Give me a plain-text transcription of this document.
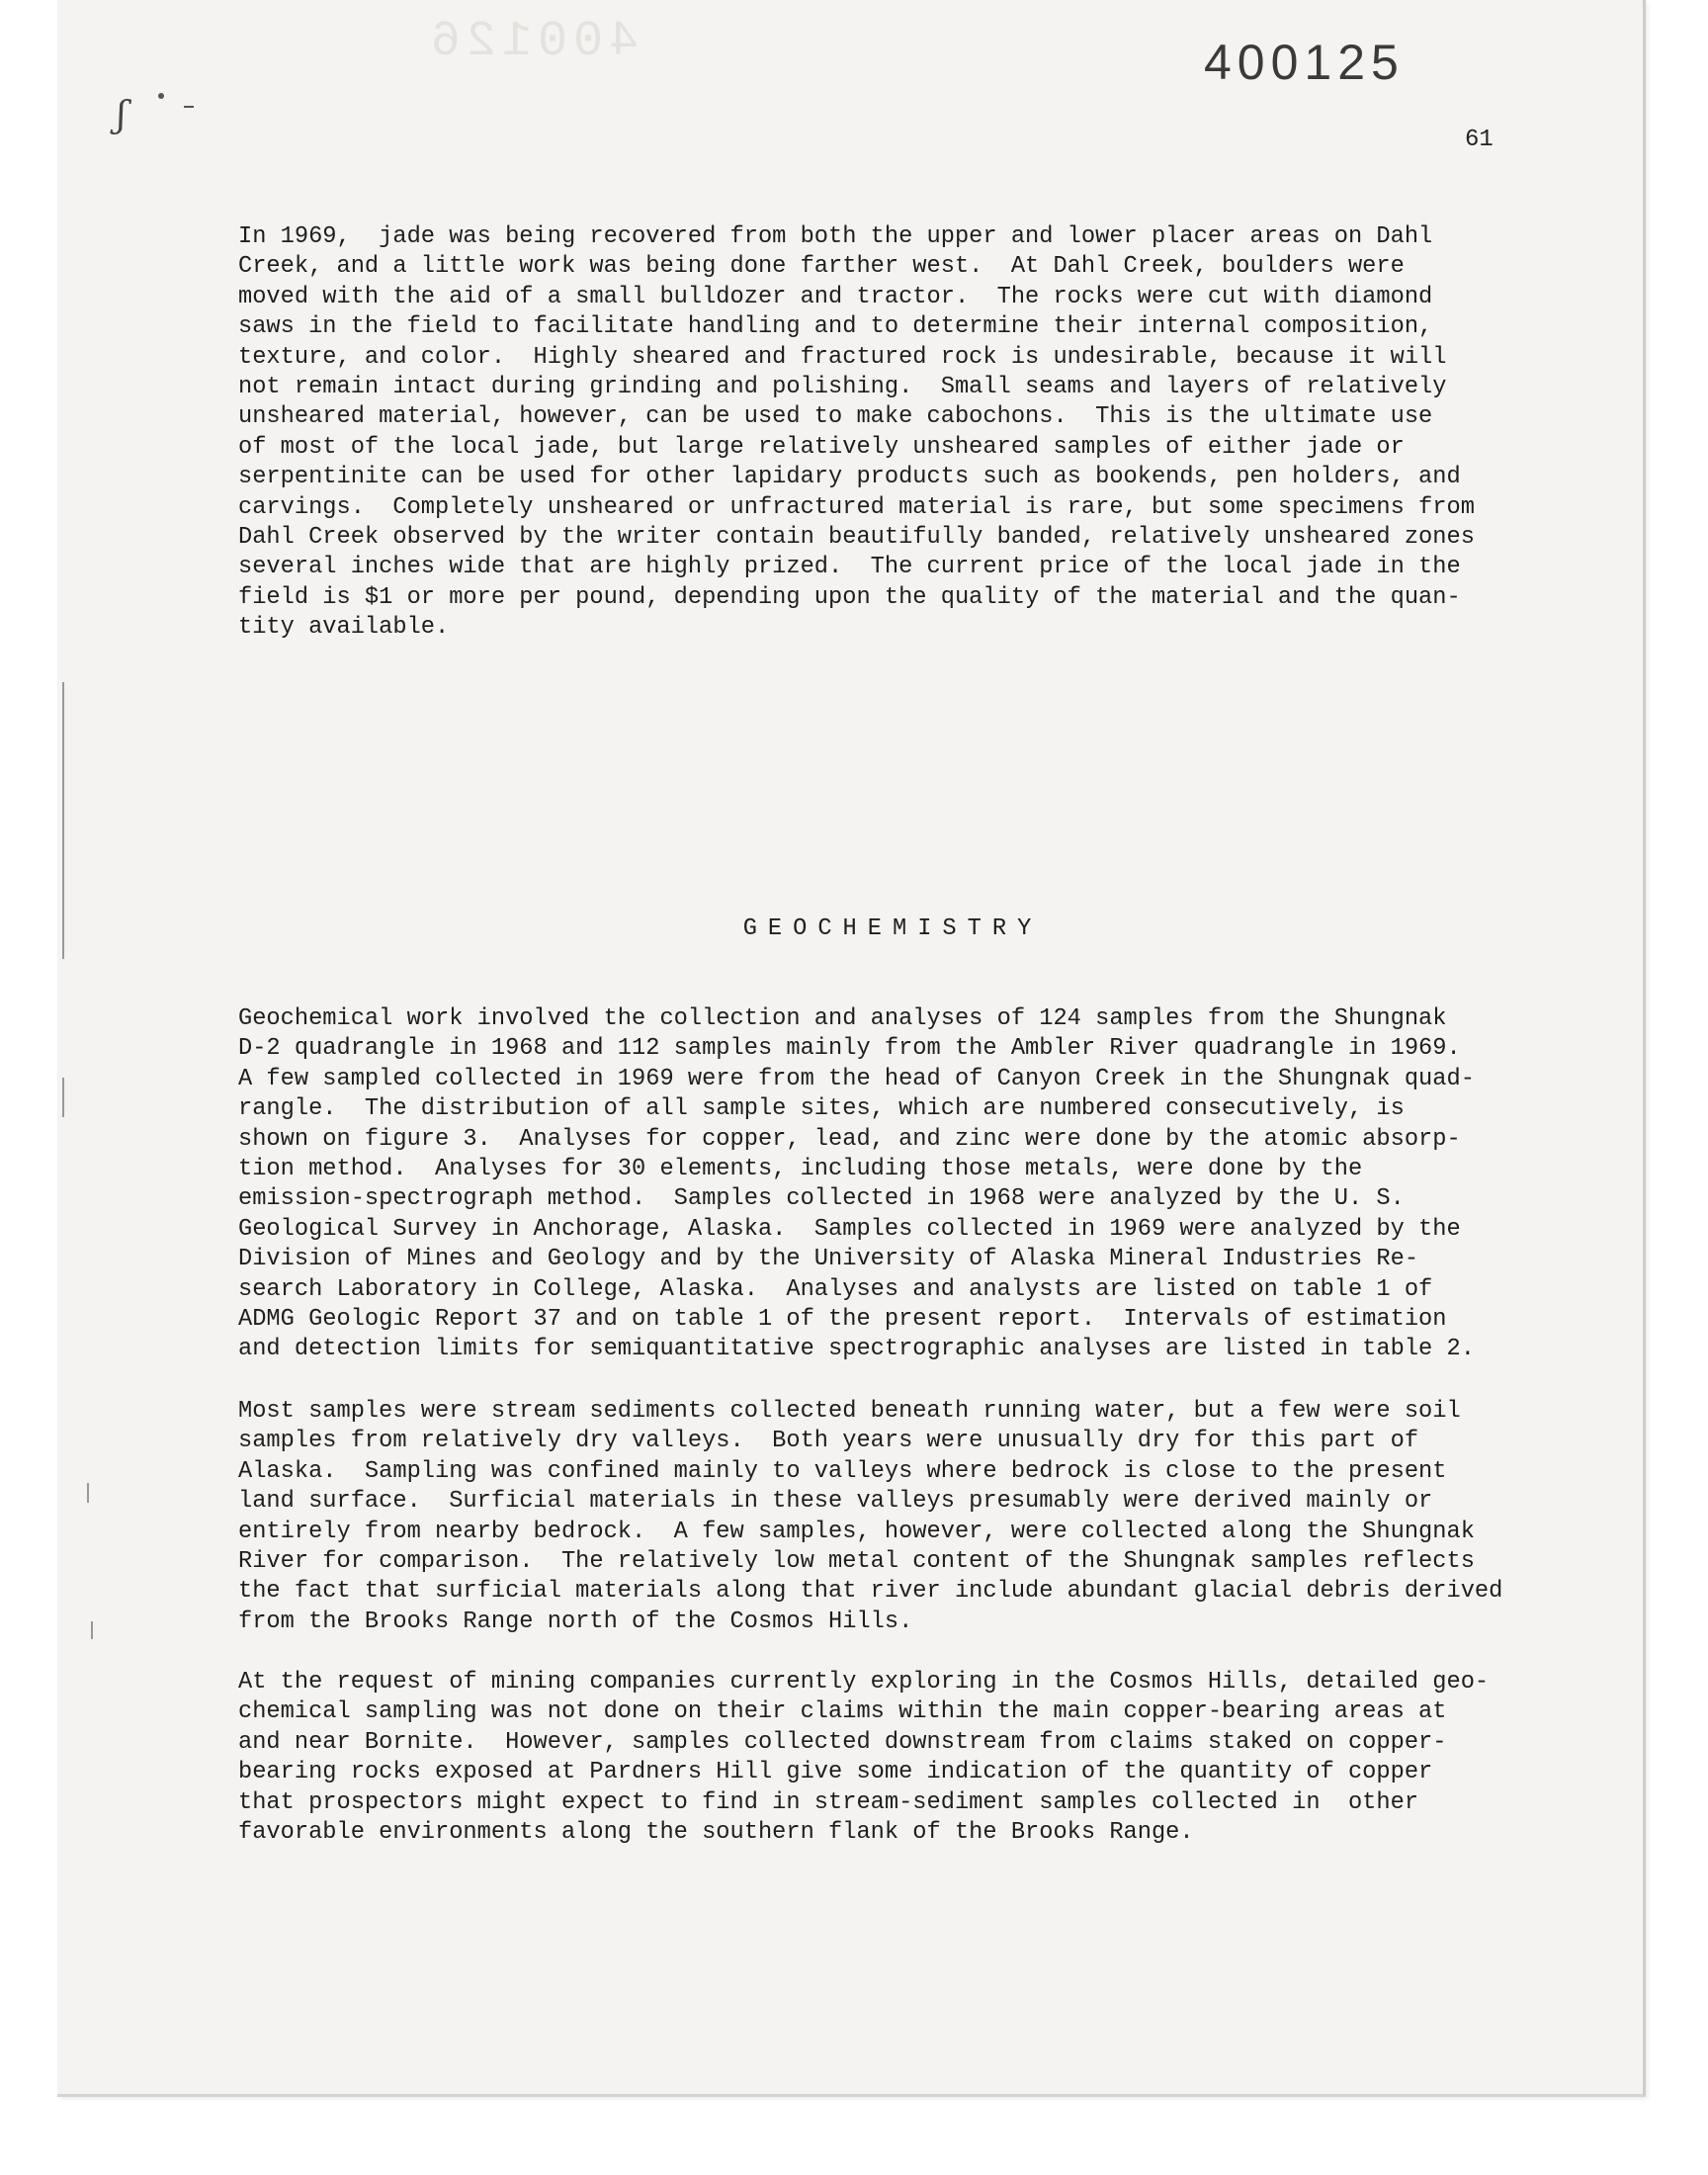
400126
ʃ
400125
61

In 1969,  jade was being recovered from both the upper and lower placer areas on Dahl
Creek, and a little work was being done farther west.  At Dahl Creek, boulders were
moved with the aid of a small bulldozer and tractor.  The rocks were cut with diamond
saws in the field to facilitate handling and to determine their internal composition,
texture, and color.  Highly sheared and fractured rock is undesirable, because it will
not remain intact during grinding and polishing.  Small seams and layers of relatively
unsheared material, however, can be used to make cabochons.  This is the ultimate use
of most of the local jade, but large relatively unsheared samples of either jade or
serpentinite can be used for other lapidary products such as bookends, pen holders, and
carvings.  Completely unsheared or unfractured material is rare, but some specimens from
Dahl Creek observed by the writer contain beautifully banded, relatively unsheared zones
several inches wide that are highly prized.  The current price of the local jade in the
field is $1 or more per pound, depending upon the quality of the material and the quan-
tity available.

GEOCHEMISTRY

Geochemical work involved the collection and analyses of 124 samples from the Shungnak
D-2 quadrangle in 1968 and 112 samples mainly from the Ambler River quadrangle in 1969.
A few sampled collected in 1969 were from the head of Canyon Creek in the Shungnak quad-
rangle.  The distribution of all sample sites, which are numbered consecutively, is
shown on figure 3.  Analyses for copper, lead, and zinc were done by the atomic absorp-
tion method.  Analyses for 30 elements, including those metals, were done by the
emission-spectrograph method.  Samples collected in 1968 were analyzed by the U. S.
Geological Survey in Anchorage, Alaska.  Samples collected in 1969 were analyzed by the
Division of Mines and Geology and by the University of Alaska Mineral Industries Re-
search Laboratory in College, Alaska.  Analyses and analysts are listed on table 1 of
ADMG Geologic Report 37 and on table 1 of the present report.  Intervals of estimation
and detection limits for semiquantitative spectrographic analyses are listed in table 2.

Most samples were stream sediments collected beneath running water, but a few were soil
samples from relatively dry valleys.  Both years were unusually dry for this part of
Alaska.  Sampling was confined mainly to valleys where bedrock is close to the present
land surface.  Surficial materials in these valleys presumably were derived mainly or
entirely from nearby bedrock.  A few samples, however, were collected along the Shungnak
River for comparison.  The relatively low metal content of the Shungnak samples reflects
the fact that surficial materials along that river include abundant glacial debris derived
from the Brooks Range north of the Cosmos Hills.

At the request of mining companies currently exploring in the Cosmos Hills, detailed geo-
chemical sampling was not done on their claims within the main copper-bearing areas at
and near Bornite.  However, samples collected downstream from claims staked on copper-
bearing rocks exposed at Pardners Hill give some indication of the quantity of copper
that prospectors might expect to find in stream-sediment samples collected in  other
favorable environments along the southern flank of the Brooks Range.
